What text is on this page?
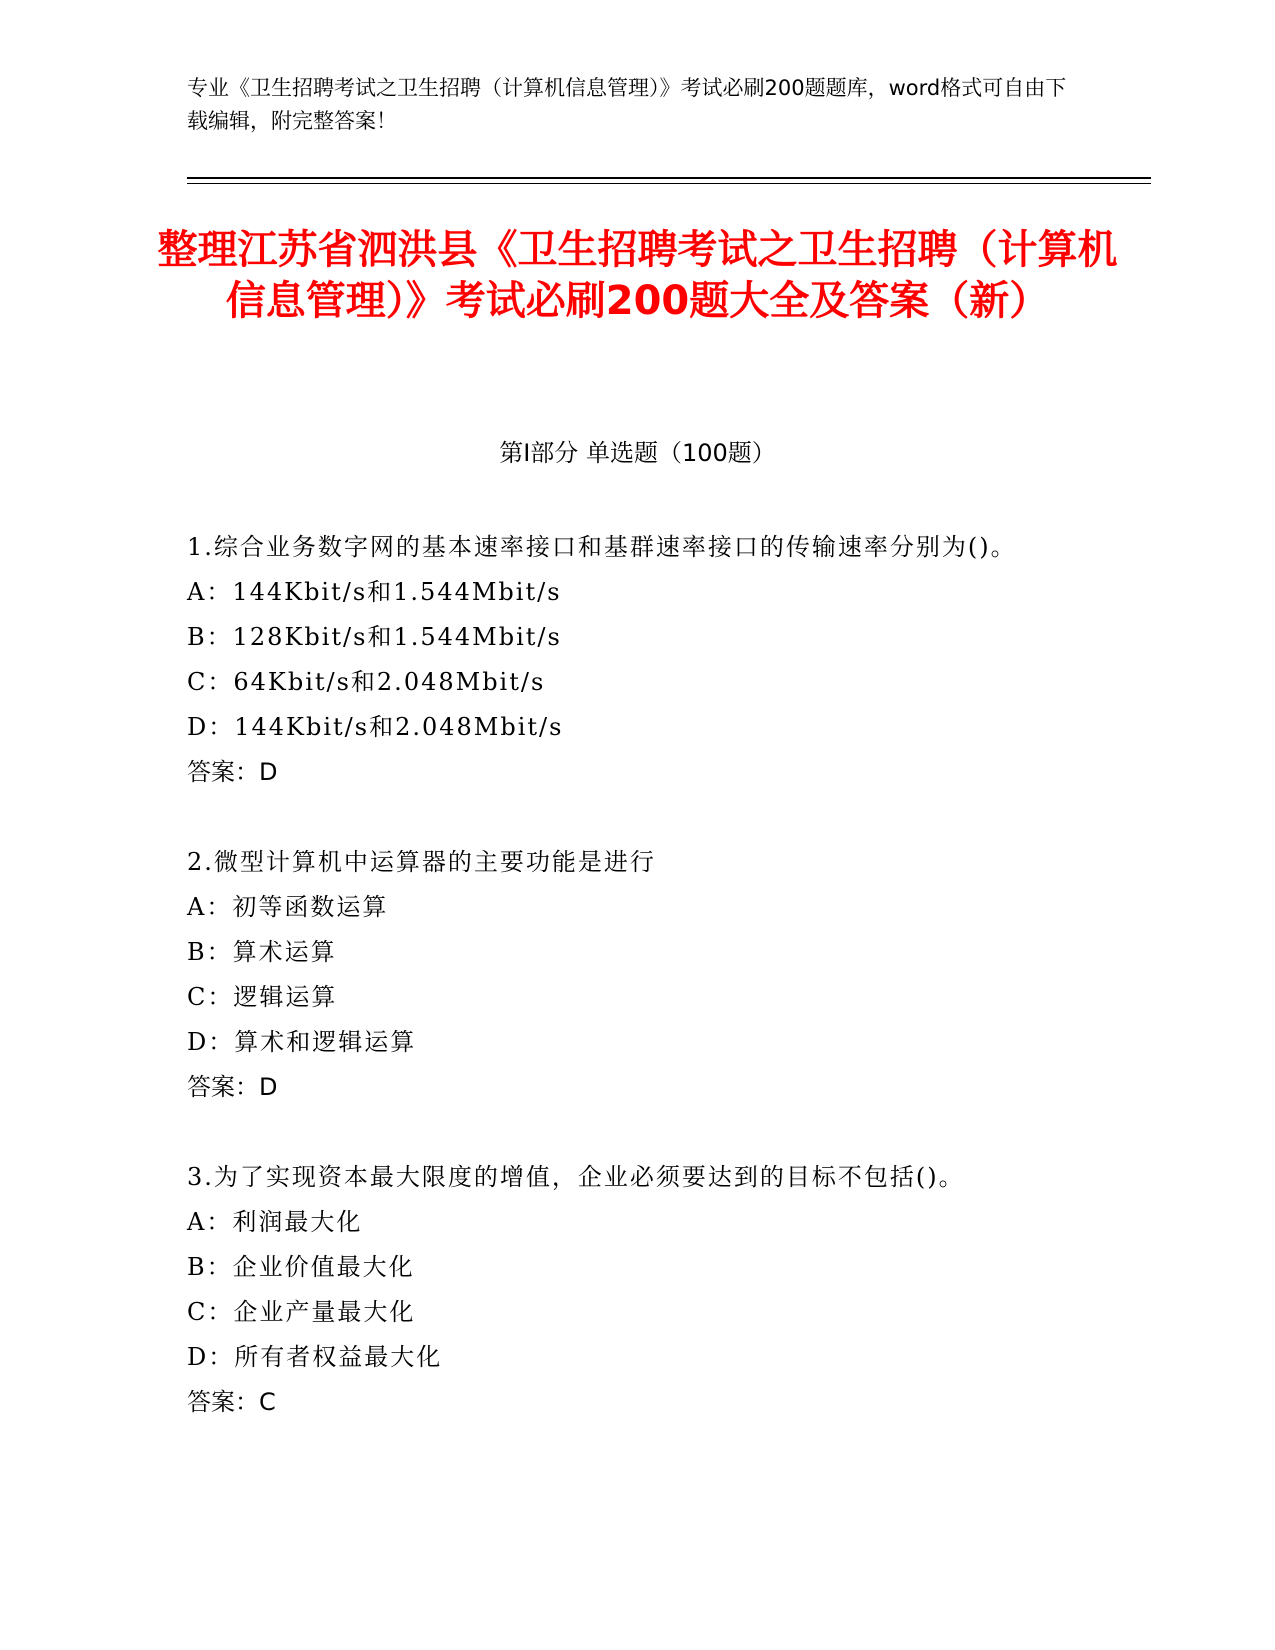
专业《卫生招聘考试之卫生招聘（计算机信息管理）》考试必刷200题题库，word格式可自由下载编辑，附完整答案！
整理江苏省泗洪县《卫生招聘考试之卫生招聘（计算机信息管理）》考试必刷200题大全及答案（新）
第Ⅰ部分 单选题（100题）

1.综合业务数字网的基本速率接口和基群速率接口的传输速率分别为()。

A：144Kbit/s和1.544Mbit/s

B：128Kbit/s和1.544Mbit/s

C：64Kbit/s和2.048Mbit/s

D：144Kbit/s和2.048Mbit/s

答案：D

2.微型计算机中运算器的主要功能是进行

A：初等函数运算

B：算术运算

C：逻辑运算

D：算术和逻辑运算

答案：D

3.为了实现资本最大限度的增值，企业必须要达到的目标不包括()。

A：利润最大化

B：企业价值最大化

C：企业产量最大化

D：所有者权益最大化

答案：C
